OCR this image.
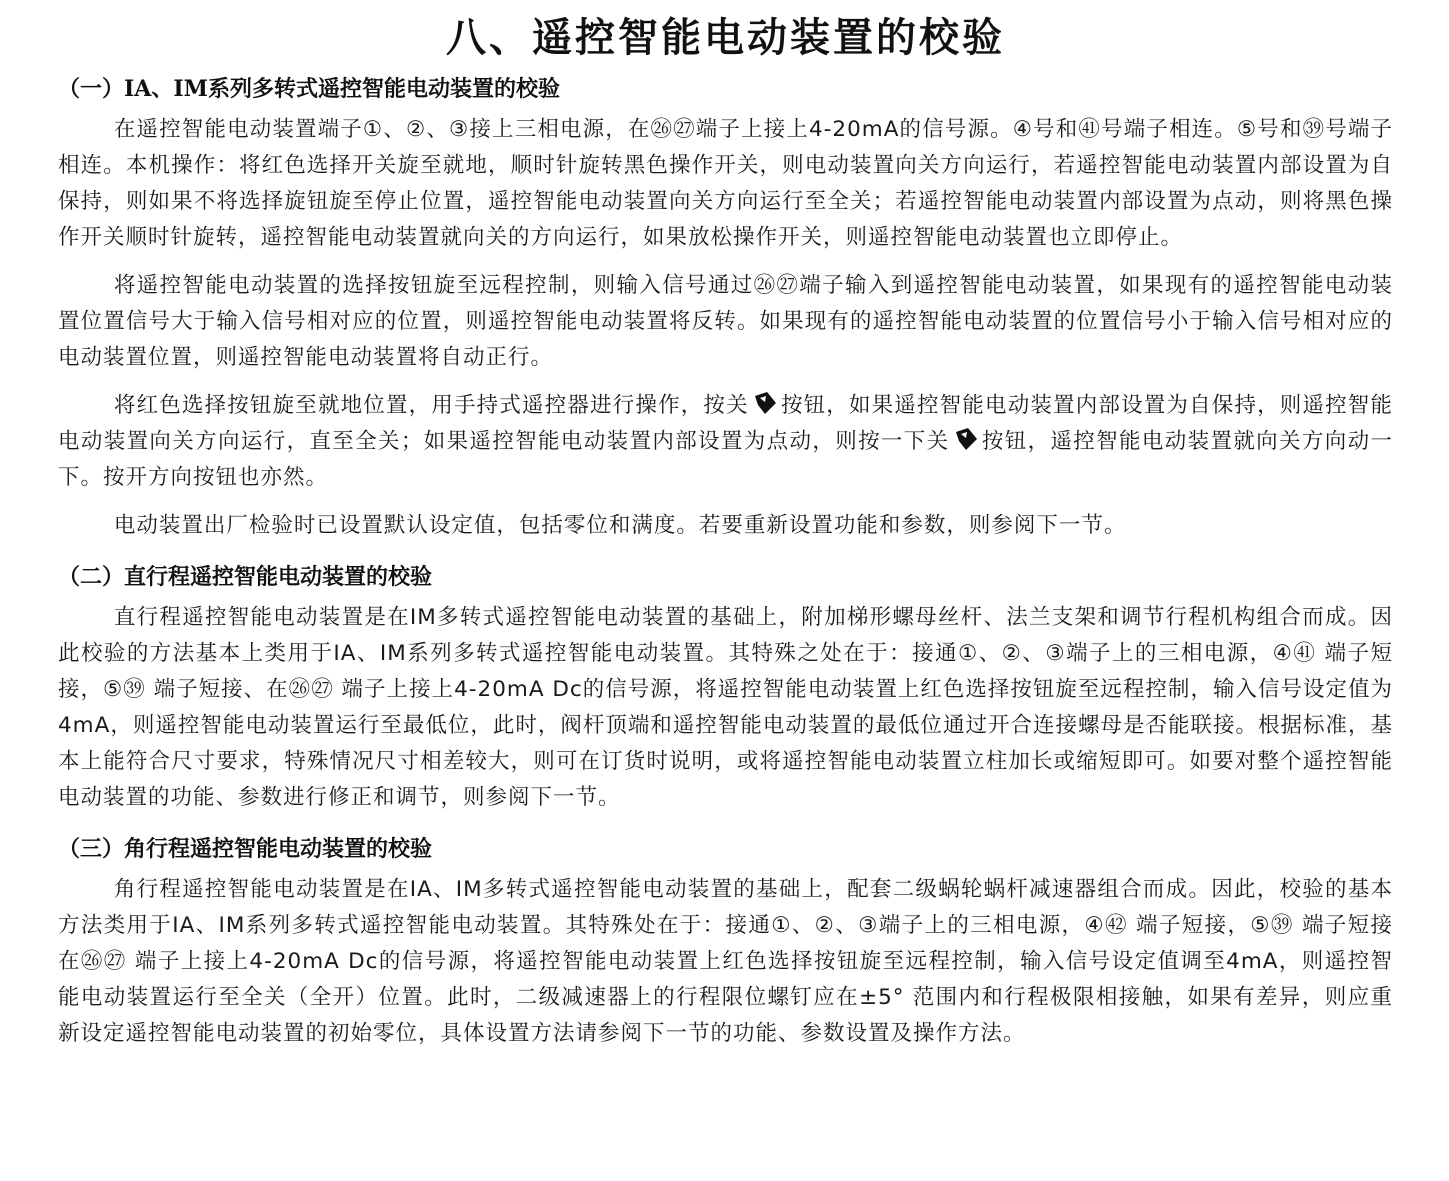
八、遥控智能电动装置的校验
（一）IA、IM系列多转式遥控智能电动装置的校验

在遥控智能电动装置端子①、②、③接上三相电源，在㉖㉗端子上接上4-20mA的信号源。④号和㊶号端子相连。⑤号和㊴号端子相连。本机操作：将红色选择开关旋至就地，顺时针旋转黑色操作开关，则电动装置向关方向运行，若遥控智能电动装置内部设置为自保持，则如果不将选择旋钮旋至停止位置，遥控智能电动装置向关方向运行至全关；若遥控智能电动装置内部设置为点动，则将黑色操作开关顺时针旋转，遥控智能电动装置就向关的方向运行，如果放松操作开关，则遥控智能电动装置也立即停止。

将遥控智能电动装置的选择按钮旋至远程控制，则输入信号通过㉖㉗端子输入到遥控智能电动装置，如果现有的遥控智能电动装置位置信号大于输入信号相对应的位置，则遥控智能电动装置将反转。如果现有的遥控智能电动装置的位置信号小于输入信号相对应的电动装置位置，则遥控智能电动装置将自动正行。

将红色选择按钮旋至就地位置，用手持式遥控器进行操作，按关 按钮，如果遥控智能电动装置内部设置为自保持，则遥控智能电动装置向关方向运行，直至全关；如果遥控智能电动装置内部设置为点动，则按一下关 按钮，遥控智能电动装置就向关方向动一下。按开方向按钮也亦然。

电动装置出厂检验时已设置默认设定值，包括零位和满度。若要重新设置功能和参数，则参阅下一节。

（二）直行程遥控智能电动装置的校验

直行程遥控智能电动装置是在IM多转式遥控智能电动装置的基础上，附加梯形螺母丝杆、法兰支架和调节行程机构组合而成。因此校验的方法基本上类用于IA、IM系列多转式遥控智能电动装置。其特殊之处在于：接通①、②、③端子上的三相电源，④㊶ 端子短接，⑤㊴ 端子短接、在㉖㉗ 端子上接上4-20mA Dc的信号源，将遥控智能电动装置上红色选择按钮旋至远程控制，输入信号设定值为4mA，则遥控智能电动装置运行至最低位，此时，阀杆顶端和遥控智能电动装置的最低位通过开合连接螺母是否能联接。根据标准，基本上能符合尺寸要求，特殊情况尺寸相差较大，则可在订货时说明，或将遥控智能电动装置立柱加长或缩短即可。如要对整个遥控智能电动装置的功能、参数进行修正和调节，则参阅下一节。

（三）角行程遥控智能电动装置的校验

角行程遥控智能电动装置是在IA、IM多转式遥控智能电动装置的基础上，配套二级蜗轮蜗杆减速器组合而成。因此，校验的基本方法类用于IA、IM系列多转式遥控智能电动装置。其特殊处在于：接通①、②、③端子上的三相电源，④㊷ 端子短接，⑤㊴ 端子短接在㉖㉗ 端子上接上4-20mA Dc的信号源，将遥控智能电动装置上红色选择按钮旋至远程控制，输入信号设定值调至4mA，则遥控智能电动装置运行至全关（全开）位置。此时，二级减速器上的行程限位螺钉应在±5° 范围内和行程极限相接触，如果有差异，则应重新设定遥控智能电动装置的初始零位，具体设置方法请参阅下一节的功能、参数设置及操作方法。
